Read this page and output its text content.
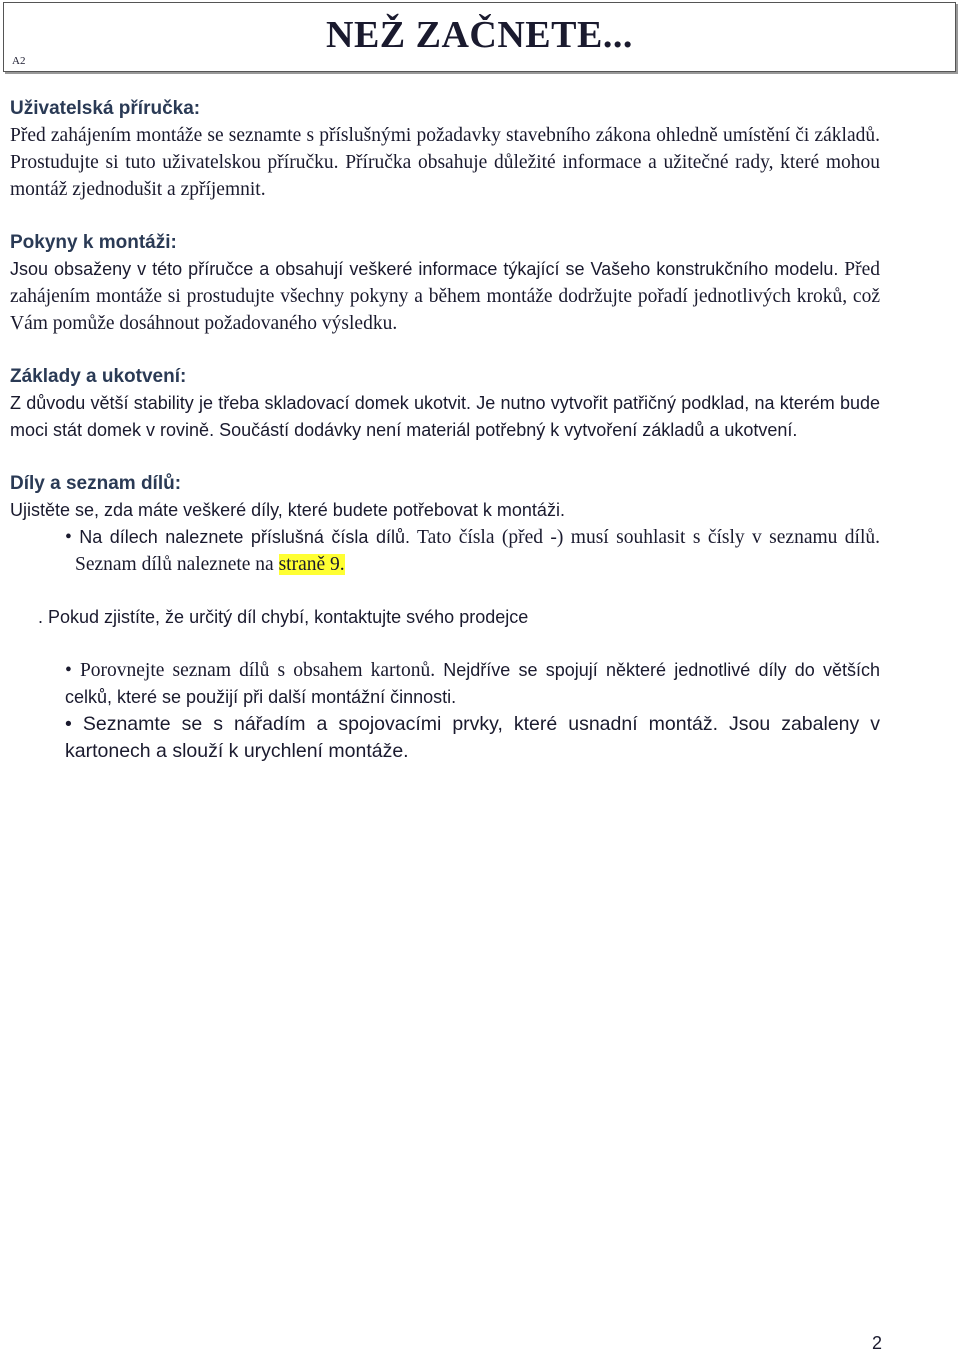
A2
NEŽ ZAČNETE...

Uživatelská příručka:

Před zahájením montáže se seznamte s příslušnými požadavky stavebního zákona ohledně umístění či základů. Prostudujte si tuto uživatelskou příručku. Příručka obsahuje důležité informace a užitečné rady, které mohou montáž zjednodušit a zpříjemnit.

Pokyny k montáži:

Jsou obsaženy v této příručce a obsahují veškeré informace týkající se Vašeho konstrukčního modelu. Před zahájením montáže si prostudujte všechny pokyny a během montáže dodržujte pořadí jednotlivých kroků, což Vám pomůže dosáhnout požadovaného výsledku.

Základy a ukotvení:

Z důvodu větší stability je třeba skladovací domek ukotvit. Je nutno vytvořit patřičný podklad, na kterém bude moci stát domek v rovině. Součástí dodávky není materiál potřebný k vytvoření základů a ukotvení.

Díly a seznam dílů:

Ujistěte se, zda máte veškeré díly, které budete potřebovat k montáži.

• Na dílech naleznete příslušná čísla dílů. Tato čísla (před -) musí souhlasit s čísly v seznamu dílů. Seznam dílů naleznete na straně 9.

. Pokud zjistíte, že určitý díl chybí, kontaktujte svého prodejce

• Porovnejte seznam dílů s obsahem kartonů. Nejdříve se spojují některé jednotlivé díly do větších celků, které se použijí při další montážní činnosti.
• Seznamte se s nářadím a spojovacími prvky, které usnadní montáž. Jsou zabaleny v kartonech a slouží k urychlení montáže.
2
